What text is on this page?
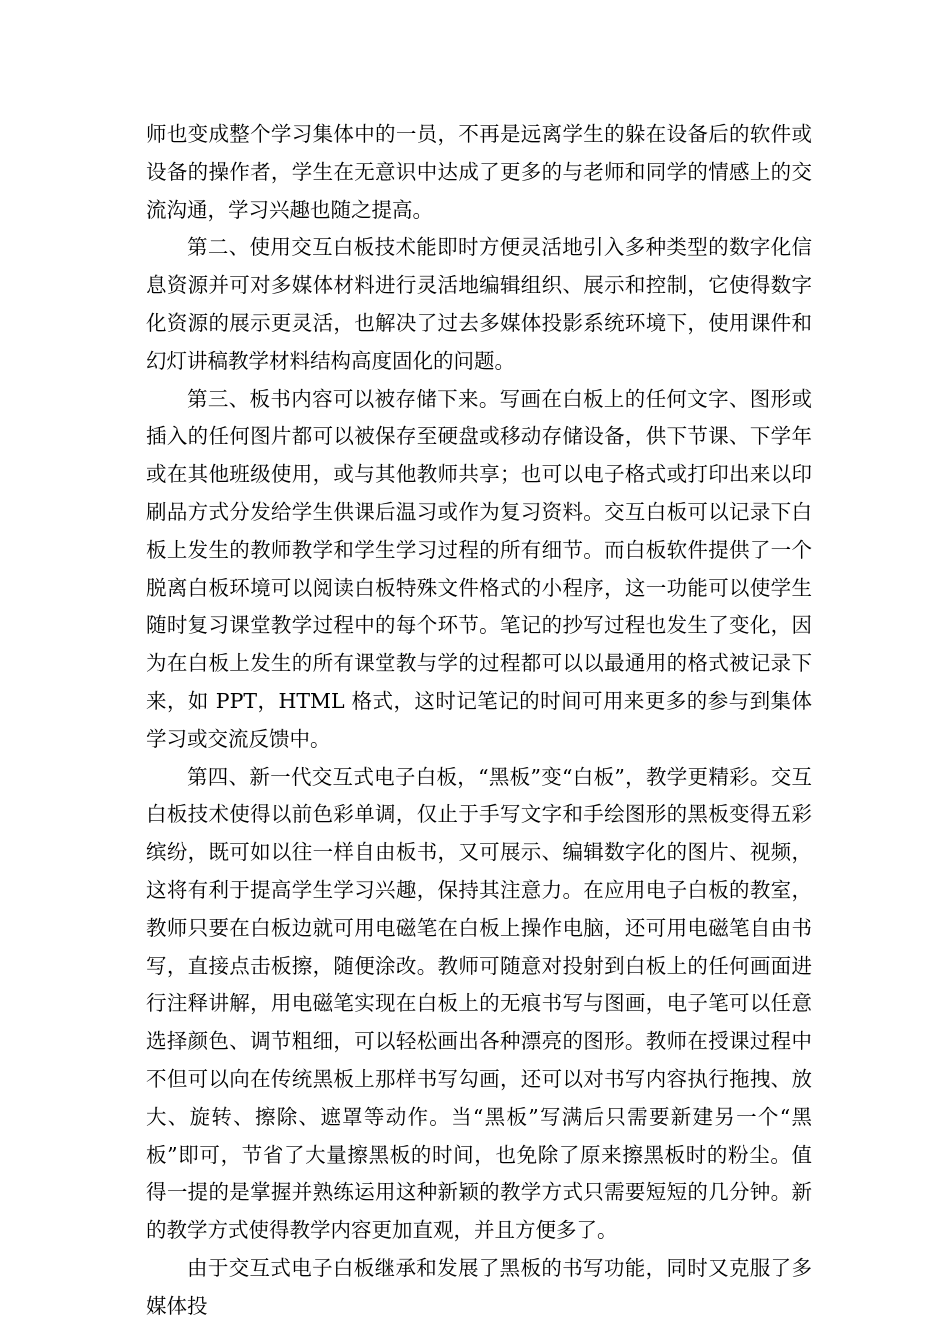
师也变成整个学习集体中的一员，不再是远离学生的躲在设备后的软件或设备的操作者，学生在无意识中达成了更多的与老师和同学的情感上的交流沟通，学习兴趣也随之提高。

第二、使用交互白板技术能即时方便灵活地引入多种类型的数字化信息资源并可对多媒体材料进行灵活地编辑组织、展示和控制，它使得数字化资源的展示更灵活，也解决了过去多媒体投影系统环境下，使用课件和幻灯讲稿教学材料结构高度固化的问题。

第三、板书内容可以被存储下来。写画在白板上的任何文字、图形或插入的任何图片都可以被保存至硬盘或移动存储设备，供下节课、下学年或在其他班级使用，或与其他教师共享；也可以电子格式或打印出来以印刷品方式分发给学生供课后温习或作为复习资料。交互白板可以记录下白板上发生的教师教学和学生学习过程的所有细节。而白板软件提供了一个脱离白板环境可以阅读白板特殊文件格式的小程序，这一功能可以使学生随时复习课堂教学过程中的每个环节。笔记的抄写过程也发生了变化，因为在白板上发生的所有课堂教与学的过程都可以以最通用的格式被记录下来，如 PPT，HTML 格式，这时记笔记的时间可用来更多的参与到集体学习或交流反馈中。

第四、新一代交互式电子白板，“黑板”变“白板”，教学更精彩。交互白板技术使得以前色彩单调，仅止于手写文字和手绘图形的黑板变得五彩缤纷，既可如以往一样自由板书，又可展示、编辑数字化的图片、视频，这将有利于提高学生学习兴趣，保持其注意力。在应用电子白板的教室，教师只要在白板边就可用电磁笔在白板上操作电脑，还可用电磁笔自由书写，直接点击板擦，随便涂改。教师可随意对投射到白板上的任何画面进行注释讲解，用电磁笔实现在白板上的无痕书写与图画，电子笔可以任意选择颜色、调节粗细，可以轻松画出各种漂亮的图形。教师在授课过程中不但可以向在传统黑板上那样书写勾画，还可以对书写内容执行拖拽、放大、旋转、擦除、遮罩等动作。当“黑板”写满后只需要新建另一个“黑板”即可，节省了大量擦黑板的时间，也免除了原来擦黑板时的粉尘。值得一提的是掌握并熟练运用这种新颖的教学方式只需要短短的几分钟。新的教学方式使得教学内容更加直观，并且方便多了。

由于交互式电子白板继承和发展了黑板的书写功能，同时又克服了多媒体投
